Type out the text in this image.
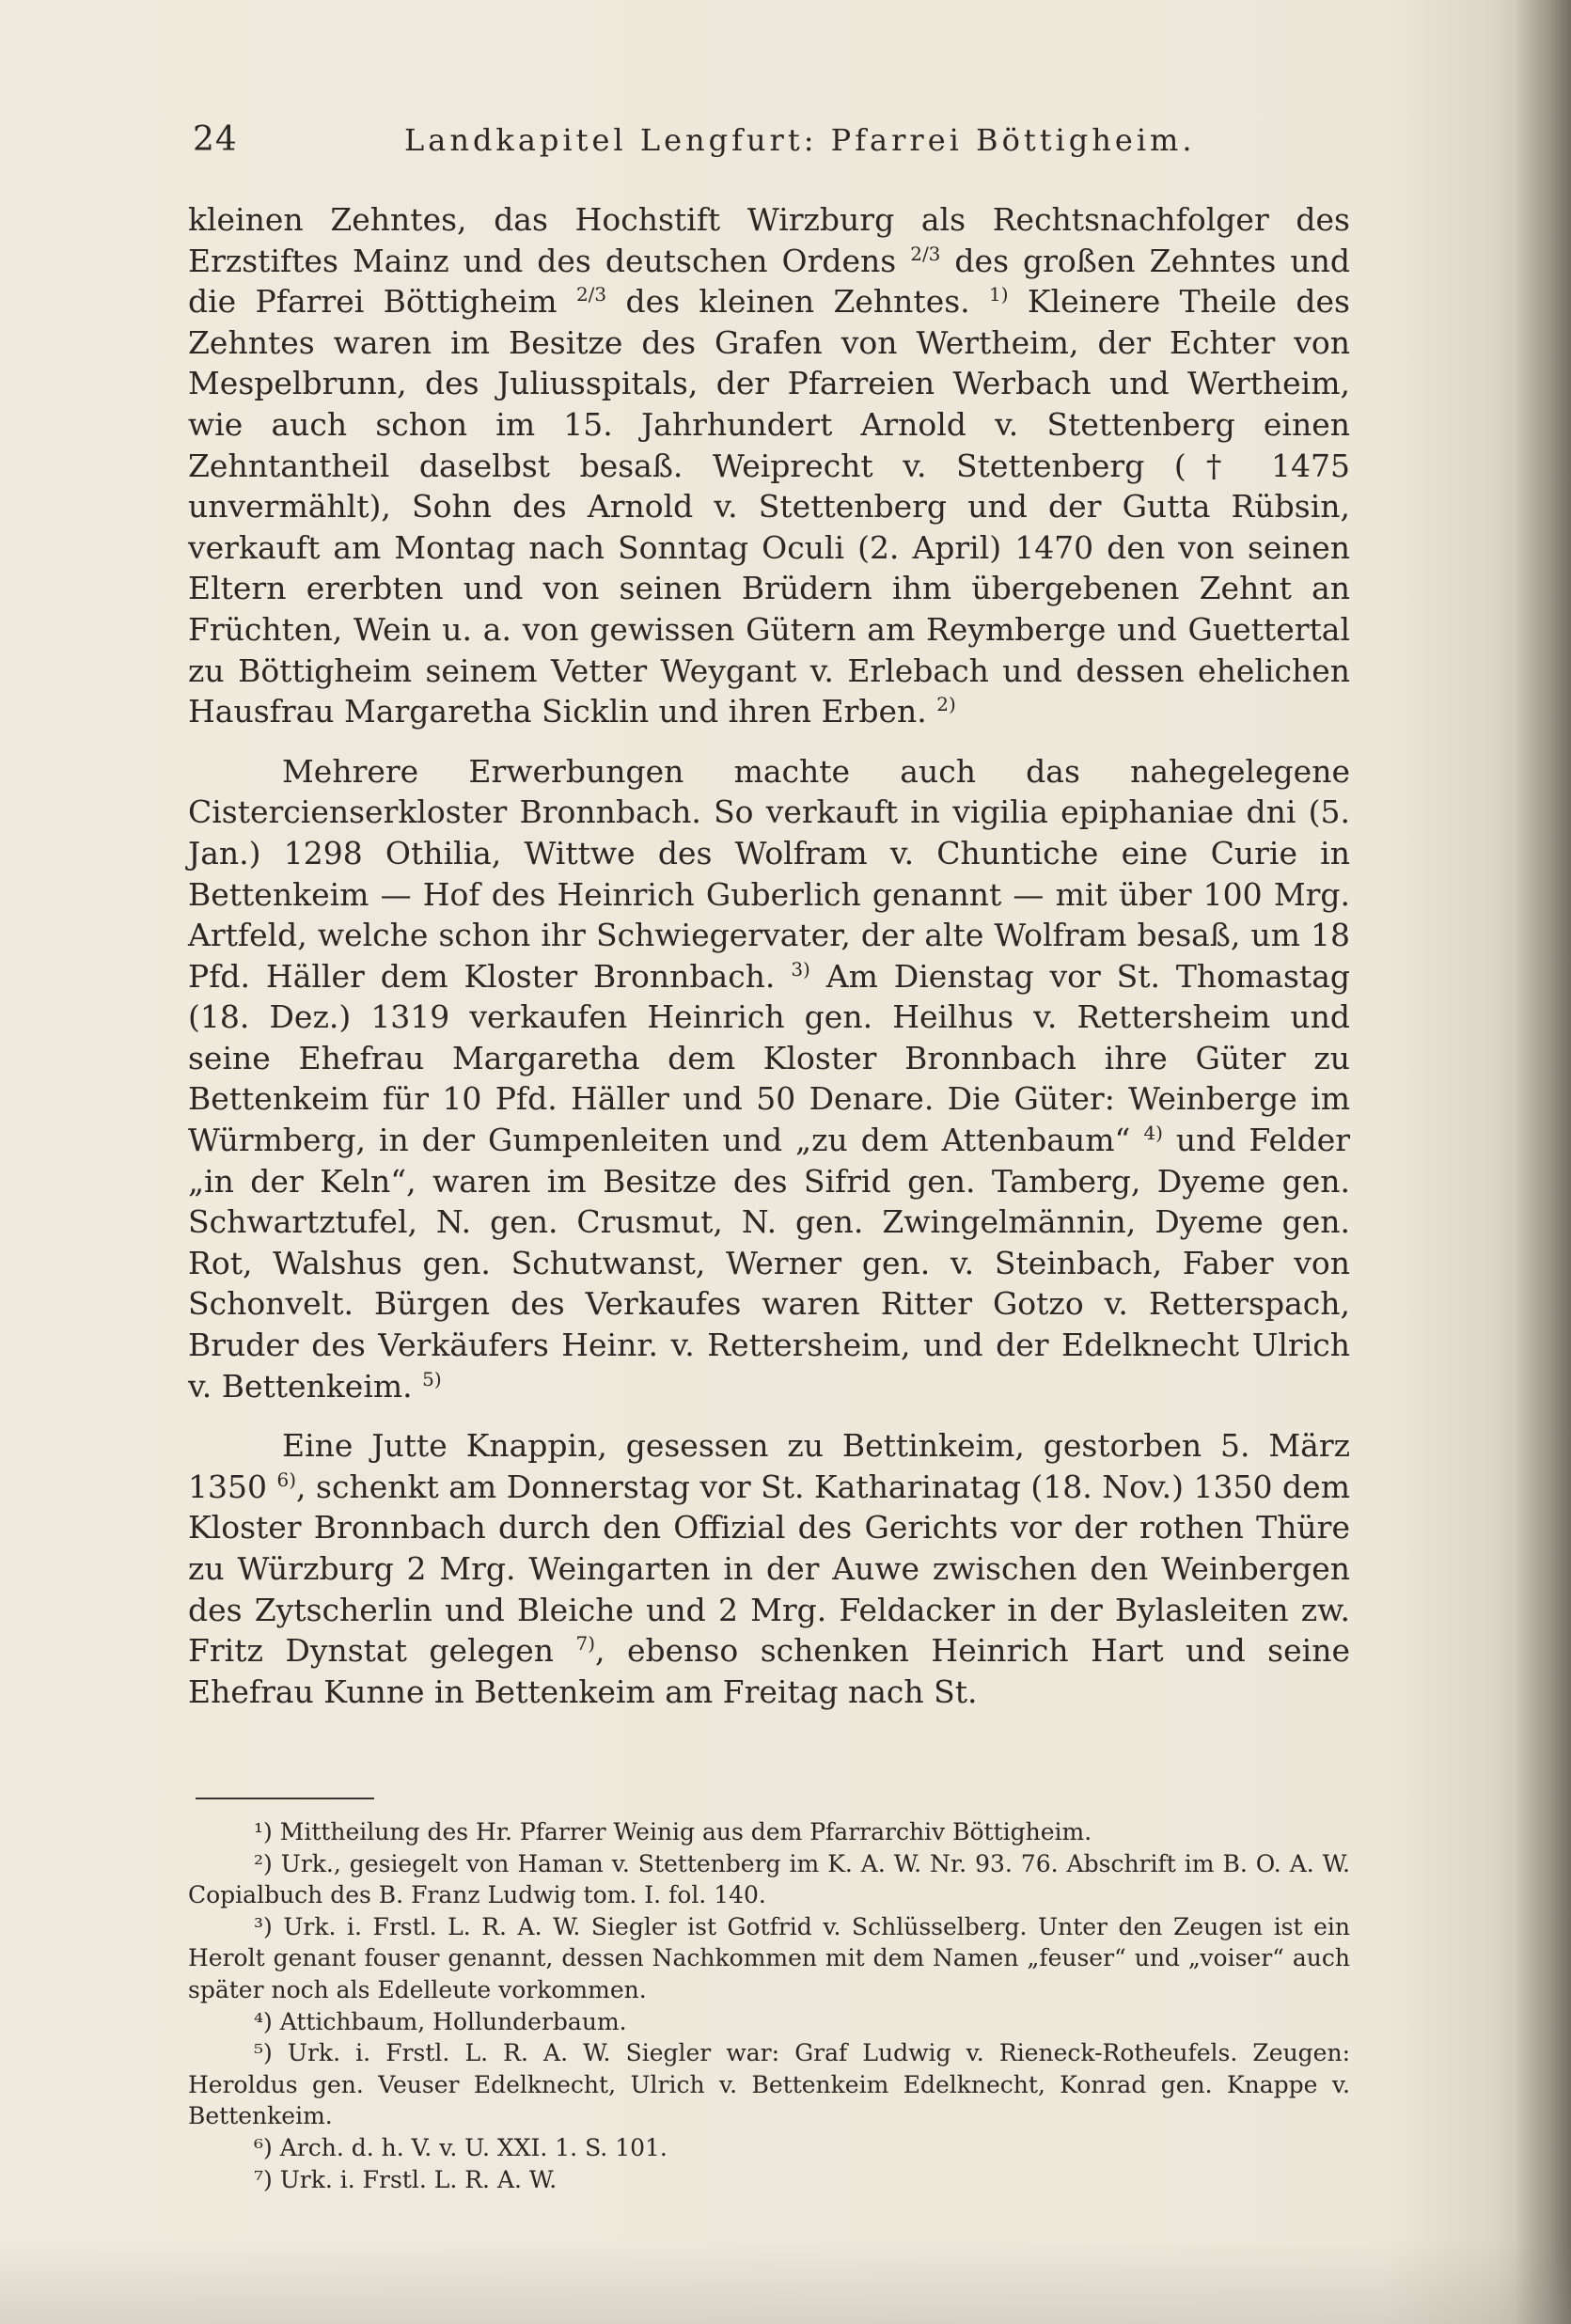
24	Landkapitel Lengfurt: Pfarrei Böttigheim.

kleinen Zehntes, das Hochstift Wirzburg als Rechtsnachfolger des Erzstiftes Mainz und des deutschen Ordens $^{2/3}$ des großen Zehntes und die Pfarrei Böttigheim $^{2/3}$ des kleinen Zehntes. $^{1)}$ Kleinere Theile des Zehntes waren im Besitze des Grafen von Wertheim, der Echter von Mespelbrunn, des Juliusspitals, der Pfarreien Werbach und Wertheim, wie auch schon im 15. Jahrhundert Arnold v. Stettenberg einen Zehntantheil daselbst besaß. Weiprecht v. Stettenberg († 1475 unvermählt), Sohn des Arnold v. Stettenberg und der Gutta Rübsin, verkauft am Montag nach Sonntag Oculi (2. April) 1470 den von seinen Eltern ererbten und von seinen Brüdern ihm übergebenen Zehnt an Früchten, Wein u. a. von gewissen Gütern am Reymberge und Guettertal zu Böttigheim seinem Vetter Weygant v. Erlebach und dessen ehelichen Hausfrau Margaretha Sicklin und ihren Erben. $^{2)}$

Mehrere Erwerbungen machte auch das nahegelegene Cistercienserkloster Bronnbach. So verkauft in vigilia epiphaniae dni (5. Jan.) 1298 Othilia, Wittwe des Wolfram v. Chuntiche eine Curie in Bettenkeim — Hof des Heinrich Guberlich genannt — mit über 100 Mrg. Artfeld, welche schon ihr Schwiegervater, der alte Wolfram besaß, um 18 Pfd. Häller dem Kloster Bronnbach. $^{3)}$ Am Dienstag vor St. Thomastag (18. Dez.) 1319 verkaufen Heinrich gen. Heilhus v. Rettersheim und seine Ehefrau Margaretha dem Kloster Bronnbach ihre Güter zu Bettenkeim für 10 Pfd. Häller und 50 Denare. Die Güter: Weinberge im Würmberg, in der Gumpenleiten und „zu dem Attenbaum“ $^{4)}$ und Felder „in der Keln“, waren im Besitze des Sifrid gen. Tamberg, Dyeme gen. Schwartztufel, N. gen. Crusmut, N. gen. Zwingelmännin, Dyeme gen. Rot, Walshus gen. Schutwanst, Werner gen. v. Steinbach, Faber von Schonvelt. Bürgen des Verkaufes waren Ritter Gotzo v. Retterspach, Bruder des Verkäufers Heinr. v. Rettersheim, und der Edelknecht Ulrich v. Bettenkeim. $^{5)}$

Eine Jutte Knappin, gesessen zu Bettinkeim, gestorben 5. März 1350 $^{6)}$, schenkt am Donnerstag vor St. Katharinatag (18. Nov.) 1350 dem Kloster Bronnbach durch den Offizial des Gerichts vor der rothen Thüre zu Würzburg 2 Mrg. Weingarten in der Auwe zwischen den Weinbergen des Zytscherlin und Bleiche und 2 Mrg. Feldacker in der Bylasleiten zw. Fritz Dynstat gelegen $^{7)}$, ebenso schenken Heinrich Hart und seine Ehefrau Kunne in Bettenkeim am Freitag nach St.

¹) Mittheilung des Hr. Pfarrer Weinig aus dem Pfarrarchiv Böttigheim.

²) Urk., gesiegelt von Haman v. Stettenberg im K. A. W. Nr. 93. 76. Abschrift im B. O. A. W. Copialbuch des B. Franz Ludwig tom. I. fol. 140.

³) Urk. i. Frstl. L. R. A. W. Siegler ist Gotfrid v. Schlüsselberg. Unter den Zeugen ist ein Herolt genant fouser genannt, dessen Nachkommen mit dem Namen „feuser“ und „voiser“ auch später noch als Edelleute vorkommen.

⁴) Attichbaum, Hollunderbaum.

⁵) Urk. i. Frstl. L. R. A. W. Siegler war: Graf Ludwig v. Rieneck-Rotheufels. Zeugen: Heroldus gen. Veuser Edelknecht, Ulrich v. Bettenkeim Edelknecht, Konrad gen. Knappe v. Bettenkeim.

⁶) Arch. d. h. V. v. U. XXI. 1. S. 101.

⁷) Urk. i. Frstl. L. R. A. W.
